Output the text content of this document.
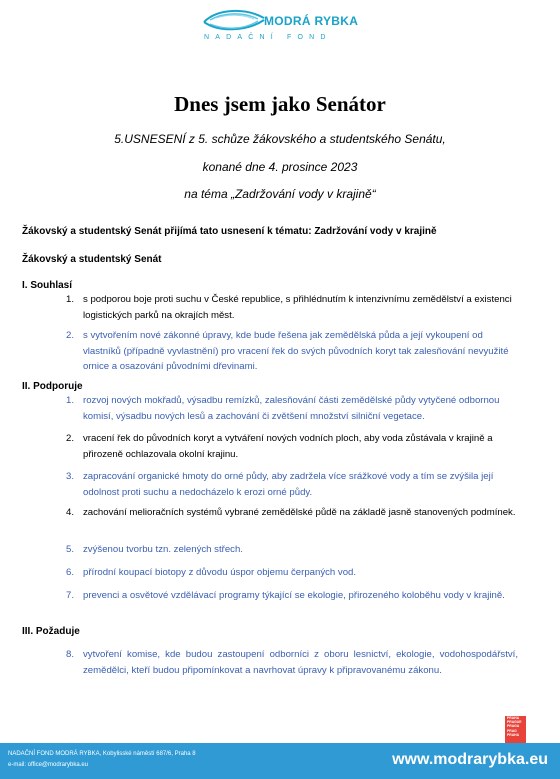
MODRÁ RYBKA
NADAČNÍ FOND
Dnes jsem jako Senátor
5.USNESENÍ z 5. schůze žákovského a studentského Senátu,
konané dne 4. prosince 2023
na téma „Zadržování vody v krajině“
Žákovský a studentský Senát přijímá tato usnesení k tématu: Zadržování vody v krajině
Žákovský a studentský Senát
I. Souhlasí
1. s podporou boje proti suchu v České republice, s přihlédnutím k intenzivnímu zemědělství a existenci logistických parků na okrajích měst.
2. s vytvořením nové zákonné úpravy, kde bude řešena jak zemědělská půda a její vykoupení od vlastníků (případně vyvlastnění) pro vracení řek do svých původních koryt tak zalesňování nevyužité ornice a osazování původními dřevinami.
II. Podporuje
1. rozvoj nových mokřadů, výsadbu remízků, zalesňování části zemědělské půdy vytyčené odbornou komisí, výsadbu nových lesů a zachování či zvětšení množství silniční vegetace.
2. vracení řek do původních koryt a vytváření nových vodních ploch, aby voda zůstávala v krajině a přirozeně ochlazovala okolní krajinu.
3. zapracování organické hmoty do orné půdy, aby zadržela více srážkové vody a tím se zvýšila její odolnost proti suchu a nedocházelo k erozi orné půdy.
4. zachování melioračních systémů vybrané zemědělské půdě na základě jasně stanovených podmínek.
5. zvýšenou tvorbu tzn. zelených střech.
6. přírodní koupací biotopy z důvodu úspor objemu čerpaných vod.
7. prevenci a osvětové vzdělávací programy týkající se ekologie, přirozeného koloběhu vody v krajině.
III. Požaduje
8. vytvoření komise, kde budou zastoupení odborníci z oboru lesnictví, ekologie, vodohospodářství, zemědělci, kteří budou připomínkovat a navrhovat úpravy k připravovanému zákonu.
PRAHA
PRAGUE
PRAGA
PRAG
PRAHA
NADAČNÍ FOND MODRÁ RYBKA, Kobylisské náměstí 687/6, Praha 8
e-mail: office@modrarybka.eu	www.modrarybka.eu
